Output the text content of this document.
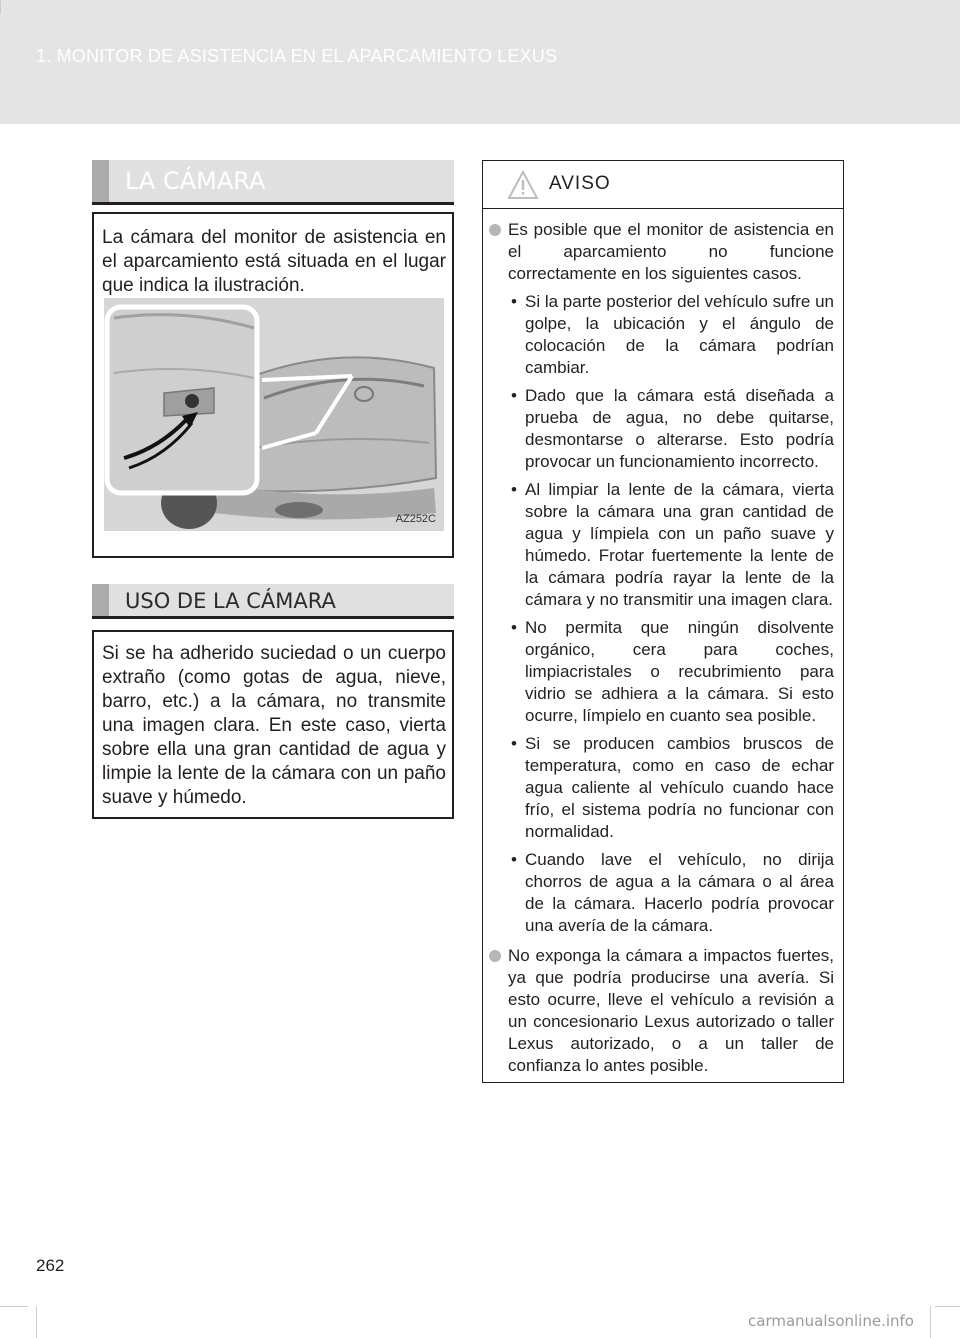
1. MONITOR DE ASISTENCIA EN EL APARCAMIENTO LEXUS
LA CÁMARA

La cámara del monitor de asistencia en el aparcamiento está situada en el lugar que indica la ilustración.

AZ252C
USO DE LA CÁMARA

Si se ha adherido suciedad o un cuerpo extraño (como gotas de agua, nieve, barro, etc.) a la cámara, no transmite una imagen clara. En este caso, vierta sobre ella una gran cantidad de agua y limpie la lente de la cámara con un paño suave y húmedo.

AVISO
Es posible que el monitor de asistencia en el aparcamiento no funcione correctamente en los siguientes casos.
• Si la parte posterior del vehículo sufre un golpe, la ubicación y el ángulo de colocación de la cámara podrían cambiar.
• Dado que la cámara está diseñada a prueba de agua, no debe quitarse, desmontarse o alterarse. Esto podría provocar un funcionamiento incorrecto.
• Al limpiar la lente de la cámara, vierta sobre la cámara una gran cantidad de agua y límpiela con un paño suave y húmedo. Frotar fuertemente la lente de la cámara podría rayar la lente de la cámara y no transmitir una imagen clara.
• No permita que ningún disolvente orgánico, cera para coches, limpiacristales o recubrimiento para vidrio se adhiera a la cámara. Si esto ocurre, límpielo en cuanto sea posible.
• Si se producen cambios bruscos de temperatura, como en caso de echar agua caliente al vehículo cuando hace frío, el sistema podría no funcionar con normalidad.
• Cuando lave el vehículo, no dirija chorros de agua a la cámara o al área de la cámara. Hacerlo podría provocar una avería de la cámara.
No exponga la cámara a impactos fuertes, ya que podría producirse una avería. Si esto ocurre, lleve el vehículo a revisión a un concesionario Lexus autorizado o taller Lexus autorizado, o a un taller de confianza lo antes posible.
262
carmanualsonline.info
